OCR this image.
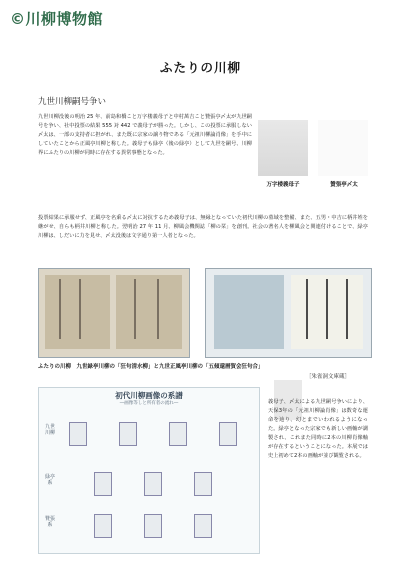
©川柳博物館
ふたりの川柳
九世川柳嗣号争い
九世川柳没後の明治 25 年、前島和橋こと万字楼義母子と中村萬吉こと贊張亭〆太が九世嗣号を争い、社中投票の結果 555 対 442 で義母子が勝った。しかし、この投票に承服しない〆太は、一部の支持者に担がれ、また既に宗家の譲り物である「元祖川柳論肖像」を手中にしていたことから正風亭川柳と称した。義母子も緑亭（後の緑亭）として九世を嗣号、川柳界にふたりの川柳が同時に存在する異常事態となった。
万字楼義母子	贊張亭〆太
投票結果に承服せず、正風亭を名乗る〆太に対抗するため義母子は、無縁となっていた初代川柳の墓域を整備、また、五男・中吉に柄井姓を継がせ、自らも柄井川柳と称した。翌明治 27 年 11 月、柳風会機関誌「柳の栞」を創刊。社会の著名人を柳風会と関連付けることで、緑亭川柳は、しだいに力を見せ、〆太没後は文字通り第一人者となった。
ふたりの川柳　九世緑亭川柳の「狂句清水柳」と九世正風亭川柳の「五傾還暦賀会狂句合」
［朱雀洞文庫蔵］
初代川柳画像の系譜
―画像等しと所有者の流れ―
九世川柳
緑亭系
贊張系
義母子、〆太による九世嗣号争いにより、天保3年の「元祖川柳論肖像」は数奇な運命を辿り、幻とまでいわれるようになった。緑亭となった宗家でも新しい画軸が調製され、これまた同時に2本の川柳肖像軸が存在するということになった。本展では史上初めて2本の画軸が並び観覧される。
